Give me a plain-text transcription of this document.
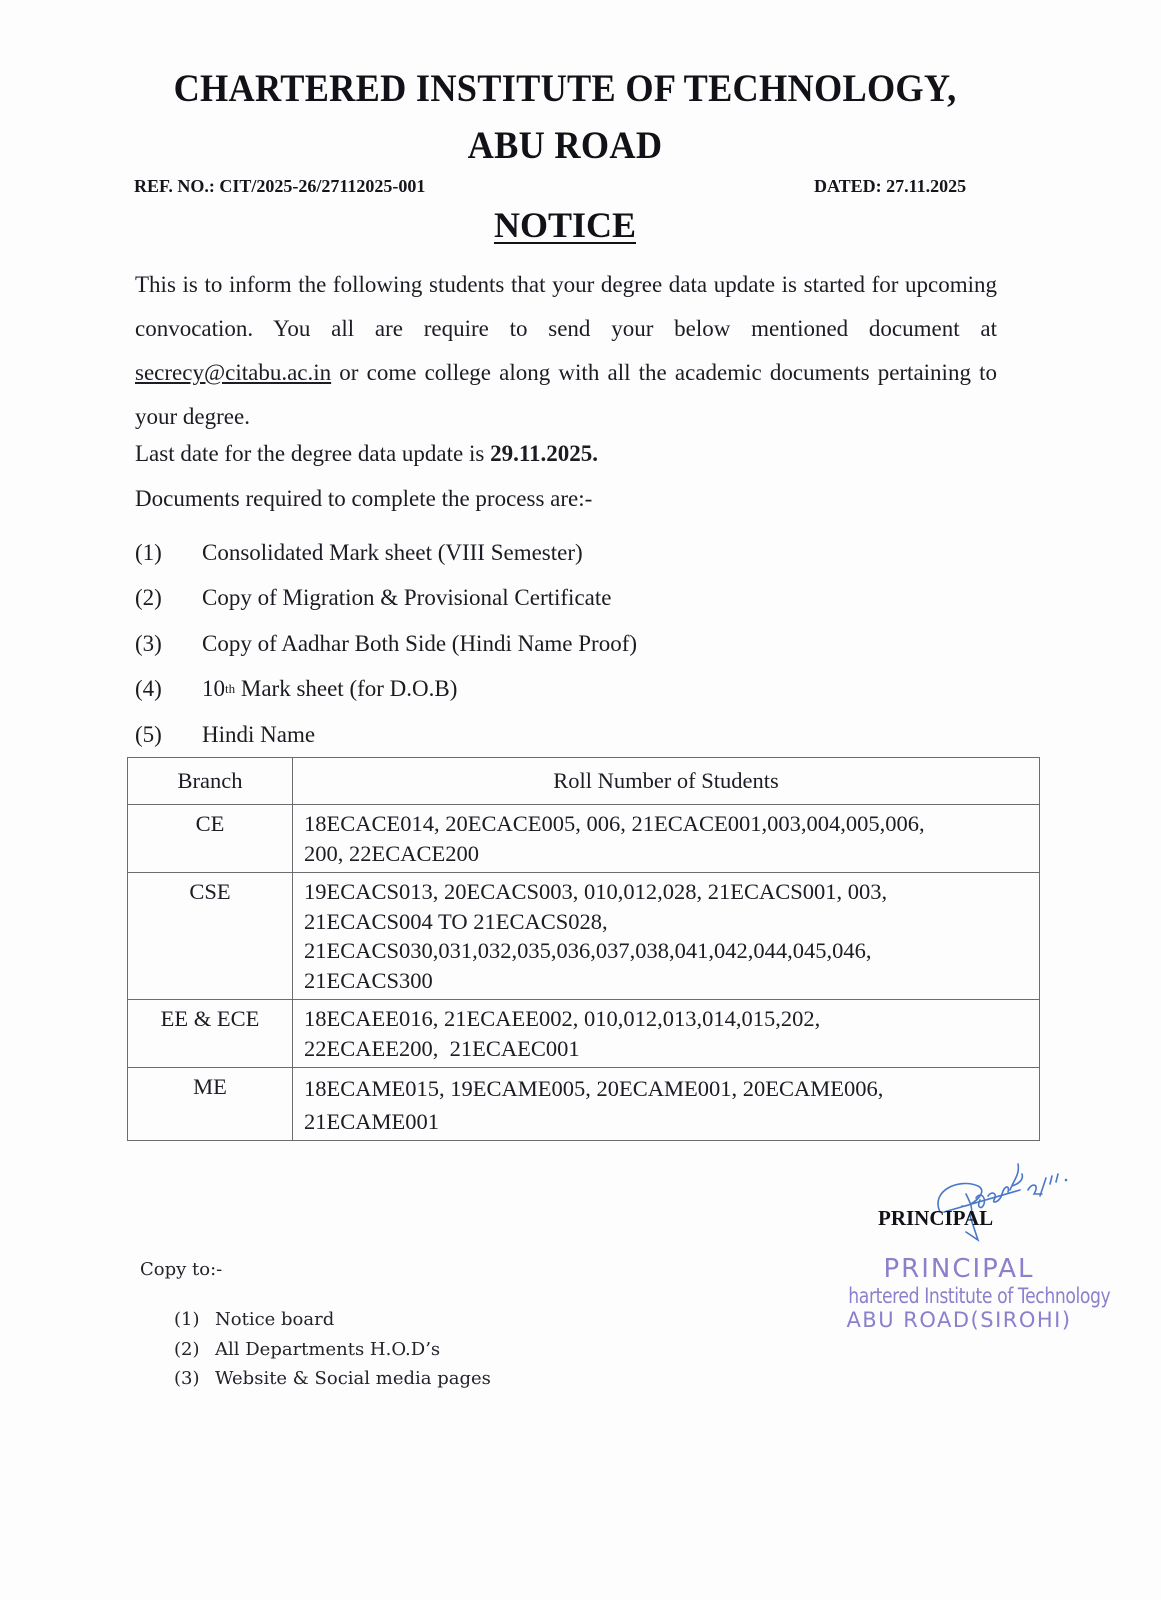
CHARTERED INSTITUTE OF TECHNOLOGY,
ABU ROAD
REF. NO.: CIT/2025-26/27112025-001	DATED: 27.11.2025
NOTICE
This is to inform the following students that your degree data update is started for upcoming convocation. You all are require to send your below mentioned document at secrecy@citabu.ac.in or come college along with all the academic documents pertaining to your degree.
Last date for the degree data update is 29.11.2025.
Documents required to complete the process are:-
(1)	Consolidated Mark sheet (VIII Semester)
(2)	Copy of Migration & Provisional Certificate
(3)	Copy of Aadhar Both Side (Hindi Name Proof)
(4)	10 th Mark sheet (for D.O.B)
(5)	Hindi Name
Branch	Roll Number of Students
CE	18ECACE014, 20ECACE005, 006, 21ECACE001,003,004,005,006,
200, 22ECACE200

CSE	19ECACS013, 20ECACS003, 010,012,028, 21ECACS001, 003,
21ECACS004 TO 21ECACS028,
21ECACS030,031,032,035,036,037,038,041,042,044,045,046,
21ECACS300

EE & ECE	18ECAEE016, 21ECAEE002, 010,012,013,014,015,202,
22ECAEE200,  21ECAEC001

ME	18ECAME015, 19ECAME005, 20ECAME001, 20ECAME006,
21ECAME001
PRINCIPAL
PRINCIPAL
hartered Institute of Technology
ABU ROAD(SIROHI)
Copy to:-
(1) Notice board
(2) All Departments H.O.D’s
(3) Website & Social media pages
